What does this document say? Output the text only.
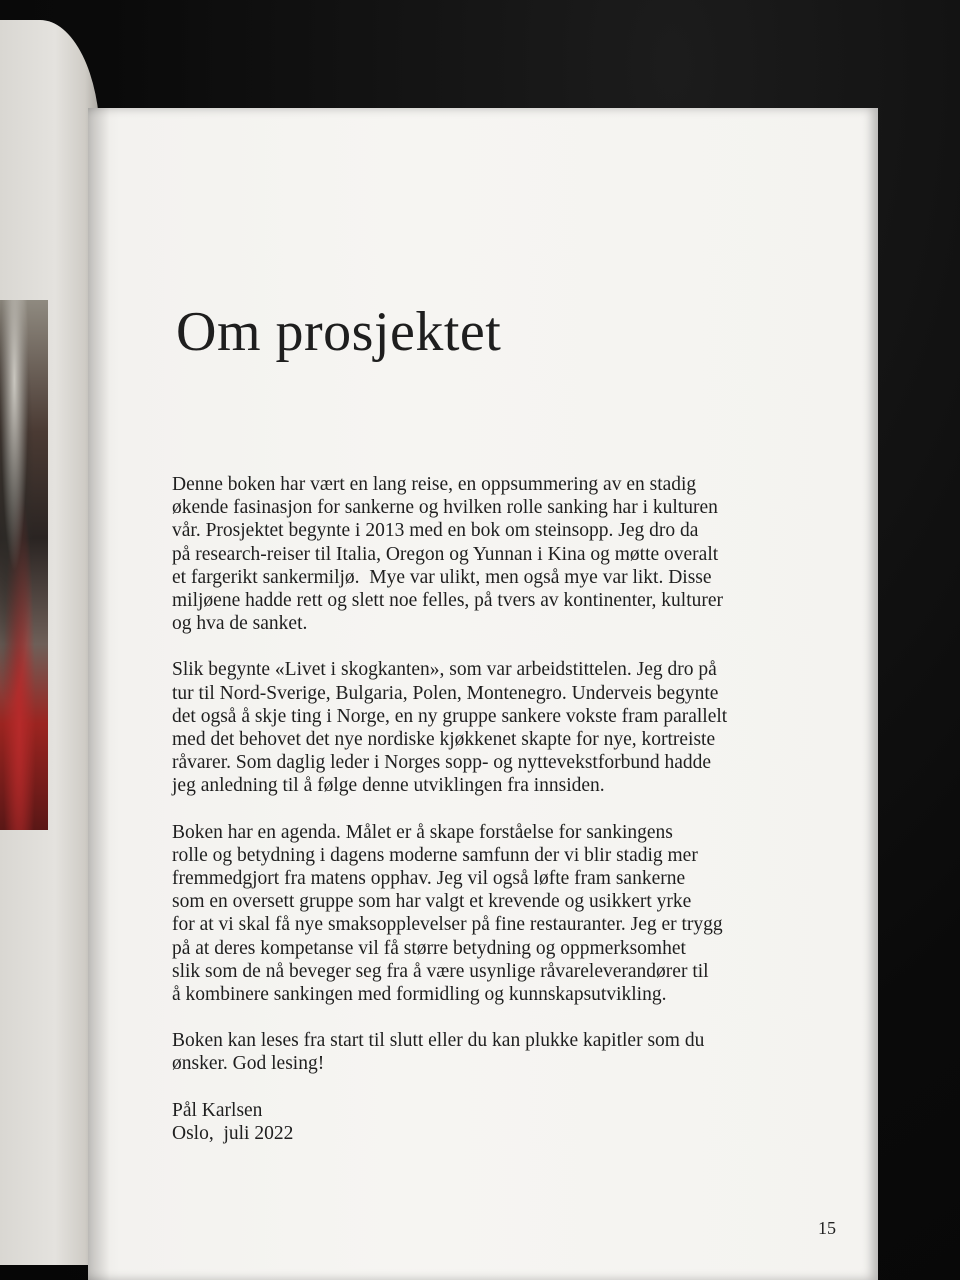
Om prosjektet

Denne boken har vært en lang reise, en oppsummering av en stadig
økende fasinasjon for sankerne og hvilken rolle sanking har i kulturen
vår. Prosjektet begynte i 2013 med en bok om steinsopp. Jeg dro da
på research-reiser til Italia, Oregon og Yunnan i Kina og møtte overalt
et fargerikt sankermiljø.  Mye var ulikt, men også mye var likt. Disse
miljøene hadde rett og slett noe felles, på tvers av kontinenter, kulturer
og hva de sanket.

Slik begynte «Livet i skogkanten», som var arbeidstittelen. Jeg dro på
tur til Nord-Sverige, Bulgaria, Polen, Montenegro. Underveis begynte
det også å skje ting i Norge, en ny gruppe sankere vokste fram parallelt
med det behovet det nye nordiske kjøkkenet skapte for nye, kortreiste
råvarer. Som daglig leder i Norges sopp- og nyttevekstforbund hadde
jeg anledning til å følge denne utviklingen fra innsiden.

Boken har en agenda. Målet er å skape forståelse for sankingens
rolle og betydning i dagens moderne samfunn der vi blir stadig mer
fremmedgjort fra matens opphav. Jeg vil også løfte fram sankerne
som en oversett gruppe som har valgt et krevende og usikkert yrke
for at vi skal få nye smaksopplevelser på fine restauranter. Jeg er trygg
på at deres kompetanse vil få større betydning og oppmerksomhet
slik som de nå beveger seg fra å være usynlige råvareleverandører til
å kombinere sankingen med formidling og kunnskapsutvikling.

Boken kan leses fra start til slutt eller du kan plukke kapitler som du
ønsker. God lesing!

Pål Karlsen
Oslo,  juli 2022
15
